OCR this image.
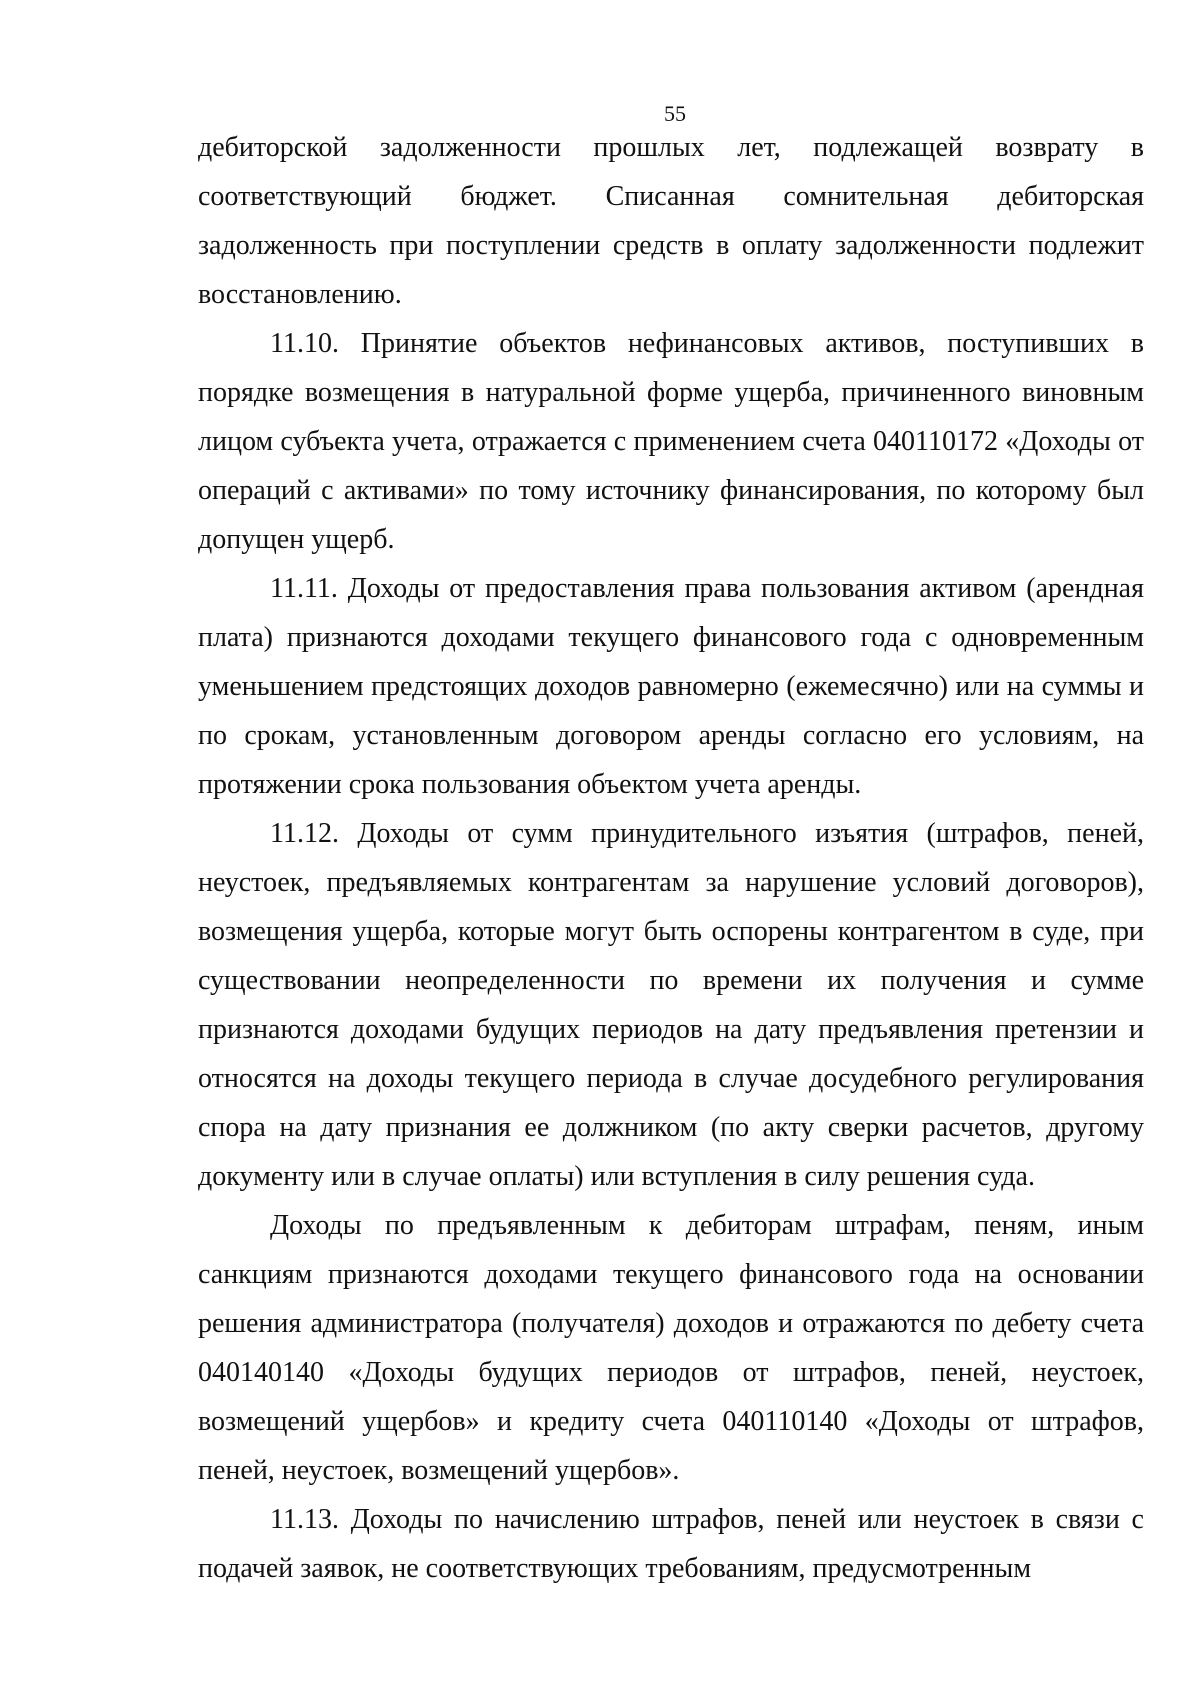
55

дебиторской задолженности прошлых лет, подлежащей возврату в соответствующий бюджет. Списанная сомнительная дебиторская задолженность при поступлении средств в оплату задолженности подлежит восстановлению.

11.10. Принятие объектов нефинансовых активов, поступивших в порядке возмещения в натуральной форме ущерба, причиненного виновным лицом субъекта учета, отражается с применением счета 040110172 «Доходы от операций с активами» по тому источнику финансирования, по которому был допущен ущерб.

11.11. Доходы от предоставления права пользования активом (арендная плата) признаются доходами текущего финансового года с одновременным уменьшением предстоящих доходов равномерно (ежемесячно) или на суммы и по срокам, установленным договором аренды согласно его условиям, на протяжении срока пользования объектом учета аренды.

11.12. Доходы от сумм принудительного изъятия (штрафов, пеней, неустоек, предъявляемых контрагентам за нарушение условий договоров), возмещения ущерба, которые могут быть оспорены контрагентом в суде, при существовании неопределенности по времени их получения и сумме признаются доходами будущих периодов на дату предъявления претензии и относятся на доходы текущего периода в случае досудебного регулирования спора на дату признания ее должником (по акту сверки расчетов, другому документу или в случае оплаты) или вступления в силу решения суда.

Доходы по предъявленным к дебиторам штрафам, пеням, иным санкциям признаются доходами текущего финансового года на основании решения администратора (получателя) доходов и отражаются по дебету счета 040140140 «Доходы будущих периодов от штрафов, пеней, неустоек, возмещений ущербов» и кредиту счета 040110140 «Доходы от штрафов, пеней, неустоек, возмещений ущербов».

11.13. Доходы по начислению штрафов, пеней или неустоек в связи с подачей заявок, не соответствующих требованиям, предусмотренным
